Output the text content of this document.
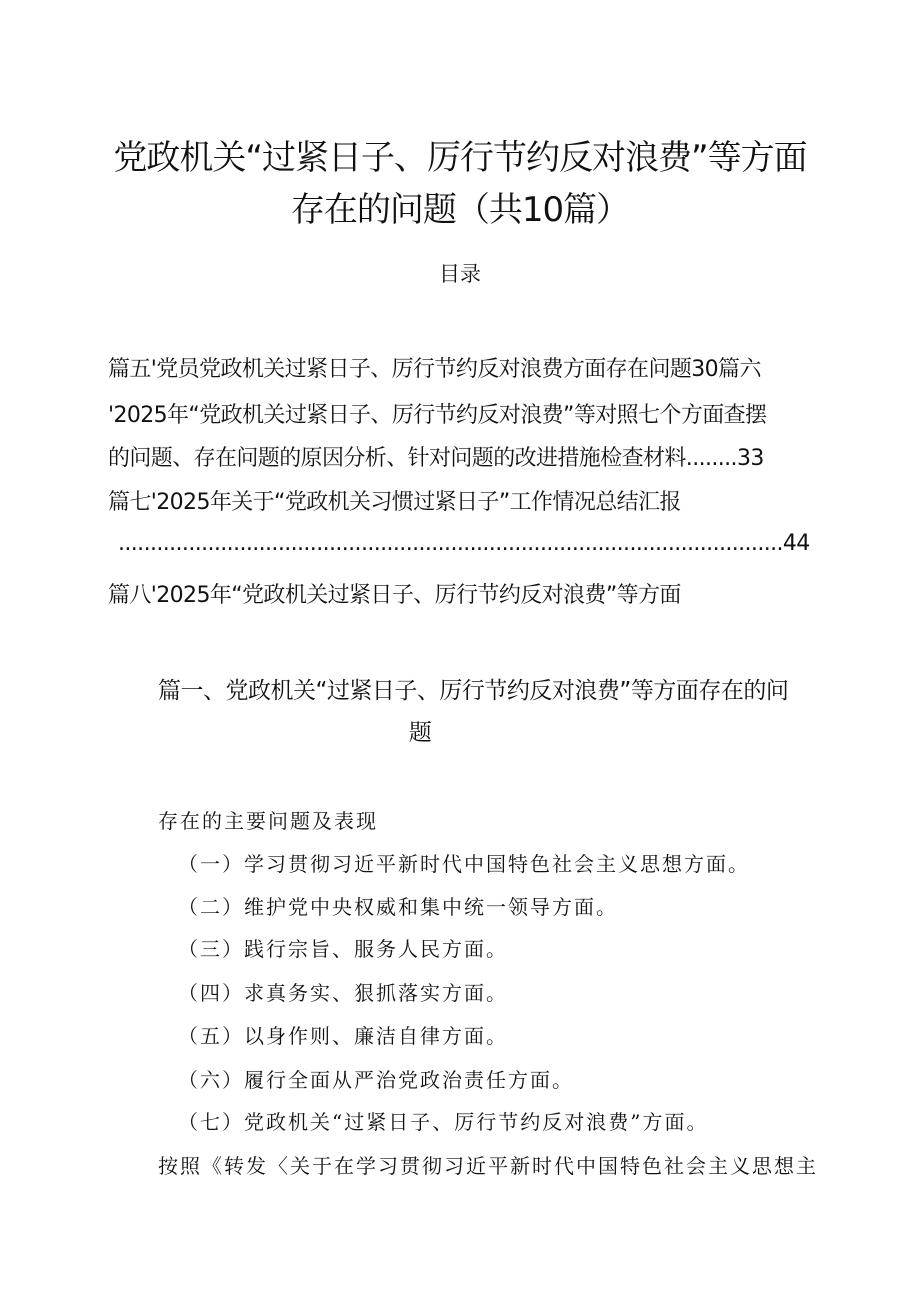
党政机关“过紧日子、厉行节约反对浪费”等方面
存在的问题（共10篇）
目录
篇五'党员党政机关过紧日子、厉行节约反对浪费方面存在问题30篇六
'2025年“党政机关过紧日子、厉行节约反对浪费”等对照七个方面查摆
的问题、存在问题的原因分析、针对问题的改进措施检查材料........33
篇七'2025年关于“党政机关习惯过紧日子”工作情况总结汇报
........................................................................................................44
篇八'2025年“党政机关过紧日子、厉行节约反对浪费”等方面
篇一、党政机关“过紧日子、厉行节约反对浪费”等方面存在的问
题
存在的主要问题及表现
（一）学习贯彻习近平新时代中国特色社会主义思想方面。
（二）维护党中央权威和集中统一领导方面。
（三）践行宗旨、服务人民方面。
（四）求真务实、狠抓落实方面。
（五）以身作则、廉洁自律方面。
（六）履行全面从严治党政治责任方面。
（七）党政机关“过紧日子、厉行节约反对浪费”方面。
按照《转发〈关于在学习贯彻习近平新时代中国特色社会主义思想主
